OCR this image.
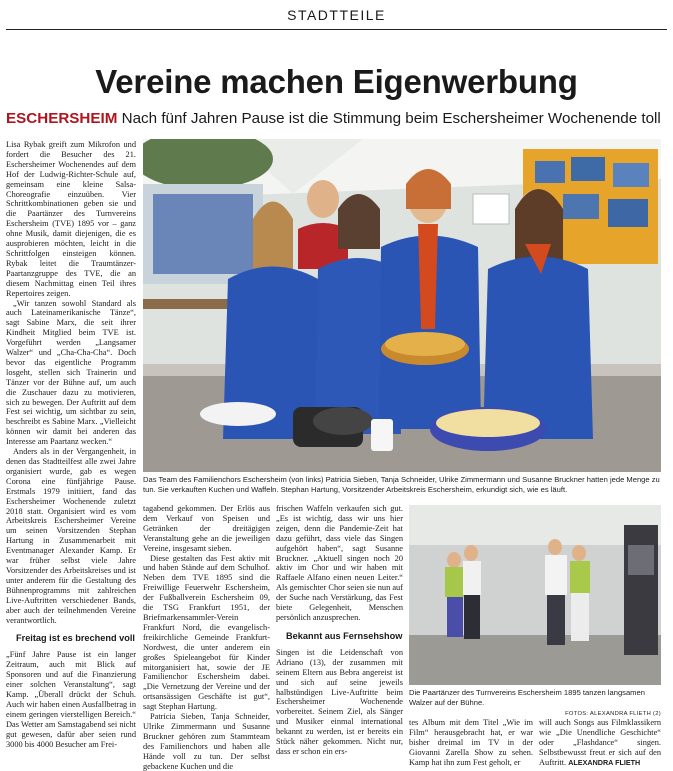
STADTTEILE
Vereine machen Eigenwerbung
ESCHERSHEIM Nach fünf Jahren Pause ist die Stimmung beim Eschersheimer Wochenende toll

Lisa Rybak greift zum Mikrofon und fordert die Besucher des 21. Eschersheimer Wochenendes auf dem Hof der Ludwig-Richter-Schule auf, gemeinsam eine kleine Salsa-Choreografie einzuüben. Vier Schrittkombinationen geben sie und die Paartänzer des Turnvereins Eschersheim (TVE) 1895 vor – ganz ohne Musik, damit diejenigen, die es ausprobieren möchten, leicht in die Schrittfolgen einsteigen können. Rybak leitet die Traumtänzer-Paartanzgruppe des TVE, die an diesem Nachmittag einen Teil ihres Repertoires zeigen.

„Wir tanzen sowohl Standard als auch Lateinamerikanische Tänze“, sagt Sabine Marx, die seit ihrer Kindheit Mitglied beim TVE ist. Vorgeführt werden „Langsamer Walzer“ und „Cha-Cha-Cha“. Doch bevor das eigentliche Programm losgeht, stellen sich Trainerin und Tänzer vor der Bühne auf, um auch die Zuschauer dazu zu motivieren, sich zu bewegen. Der Auftritt auf dem Fest sei wichtig, um sichtbar zu sein, beschreibt es Sabine Marx. „Vielleicht können wir damit bei anderen das Interesse am Paartanz wecken.“

Anders als in der Vergangenheit, in denen das Stadtteilfest alle zwei Jahre organisiert wurde, gab es wegen Corona eine fünfjährige Pause. Erstmals 1979 initiiert, fand das Eschersheimer Wochenende zuletzt 2018 statt. Organisiert wird es vom Arbeitskreis Eschersheimer Vereine um seinen Vorsitzenden Stephan Hartung in Zusammenarbeit mit Eventmanager Alexander Kamp. Er war früher selbst viele Jahre Vorsitzender des Arbeitskreises und ist unter anderem für die Gestaltung des Bühnenprogramms mit zahlreichen Live-Auftritten verschiedener Bands, aber auch der teilnehmenden Vereine verantwortlich.

Freitag ist es brechend voll

„Fünf Jahre Pause ist ein langer Zeitraum, auch mit Blick auf Sponsoren und auf die Finanzierung einer solchen Veranstaltung“, sagt Kamp. „Überall drückt der Schuh. Auch wir haben einen Ausfallbetrag in einem geringen vierstelligen Bereich.“ Das Wetter am Samstagabend sei nicht gut gewesen, dafür aber seien rund 3000 bis 4000 Besucher am Frei-

Das Team des Familienchors Eschersheim (von links) Patricia Sieben, Tanja Schneider, Ulrike Zimmermann und Susanne Bruckner hatten jede Menge zu tun. Sie verkauften Kuchen und Waffeln. Stephan Hartung, Vorsitzender Arbeitskreis Eschersheim, erkundigt sich, wie es läuft.

tagabend gekommen. Der Erlös aus dem Verkauf von Speisen und Getränken der dreitägigen Veranstaltung gehe an die jeweiligen Vereine, insgesamt sieben.

Diese gestalten das Fest aktiv mit und haben Stände auf dem Schulhof. Neben dem TVE 1895 sind die Freiwillige Feuerwehr Eschersheim, der Fußballverein Eschersheim 09, die TSG Frankfurt 1951, der Briefmarkensammler-Verein Frankfurt Nord, die evangelisch-freikirchliche Gemeinde Frankfurt-Nordwest, die unter anderem ein großes Spieleangebot für Kinder mitorganisiert hat, sowie der JE Familienchor Eschersheim dabei. „Die Vernetzung der Vereine und der ortsansässigen Geschäfte ist gut“, sagt Stephan Hartung.

Patricia Sieben, Tanja Schneider, Ulrike Zimmermann und Susanne Bruckner gehören zum Stammteam des Familienchors und haben alle Hände voll zu tun. Der selbst gebackene Kuchen und die

frischen Waffeln verkaufen sich gut. „Es ist wichtig, dass wir uns hier zeigen, denn die Pandemie-Zeit hat dazu geführt, dass viele das Singen aufgehört haben“, sagt Susanne Bruckner. „Aktuell singen noch 20 aktiv im Chor und wir haben mit Raffaele Alfano einen neuen Leiter.“ Als gemischter Chor seien sie nun auf der Suche nach Verstärkung, das Fest biete Gelegenheit, Menschen persönlich anzusprechen.

Bekannt aus Fernsehshow

Singen ist die Leidenschaft von Adriano (13), der zusammen mit seinem Eltern aus Bebra angereist ist und sich auf seine jeweils halbstündigen Live-Auftritte beim Eschersheimer Wochenende vorbereitet. Seinem Ziel, als Sänger und Musiker einmal international bekannt zu werden, ist er bereits ein Stück näher gekommen. Nicht nur, dass er schon ein ers-

Die Paartänzer des Turnvereins Eschersheim 1895 tanzen langsamen Walzer auf der Bühne.
FOTOS: ALEXANDRA FLIETH (2)
tes Album mit dem Titel „Wie im Film“ herausgebracht hat, er war bisher dreimal im TV in der Giovanni Zarella Show zu sehen. Kamp hat ihn zum Fest geholt, er
will auch Songs aus Filmklassikern wie „Die Unendliche Geschichte“ oder „Flashdance“ singen. Selbstbewusst freut er sich auf den Auftritt. ALEXANDRA FLIETH
